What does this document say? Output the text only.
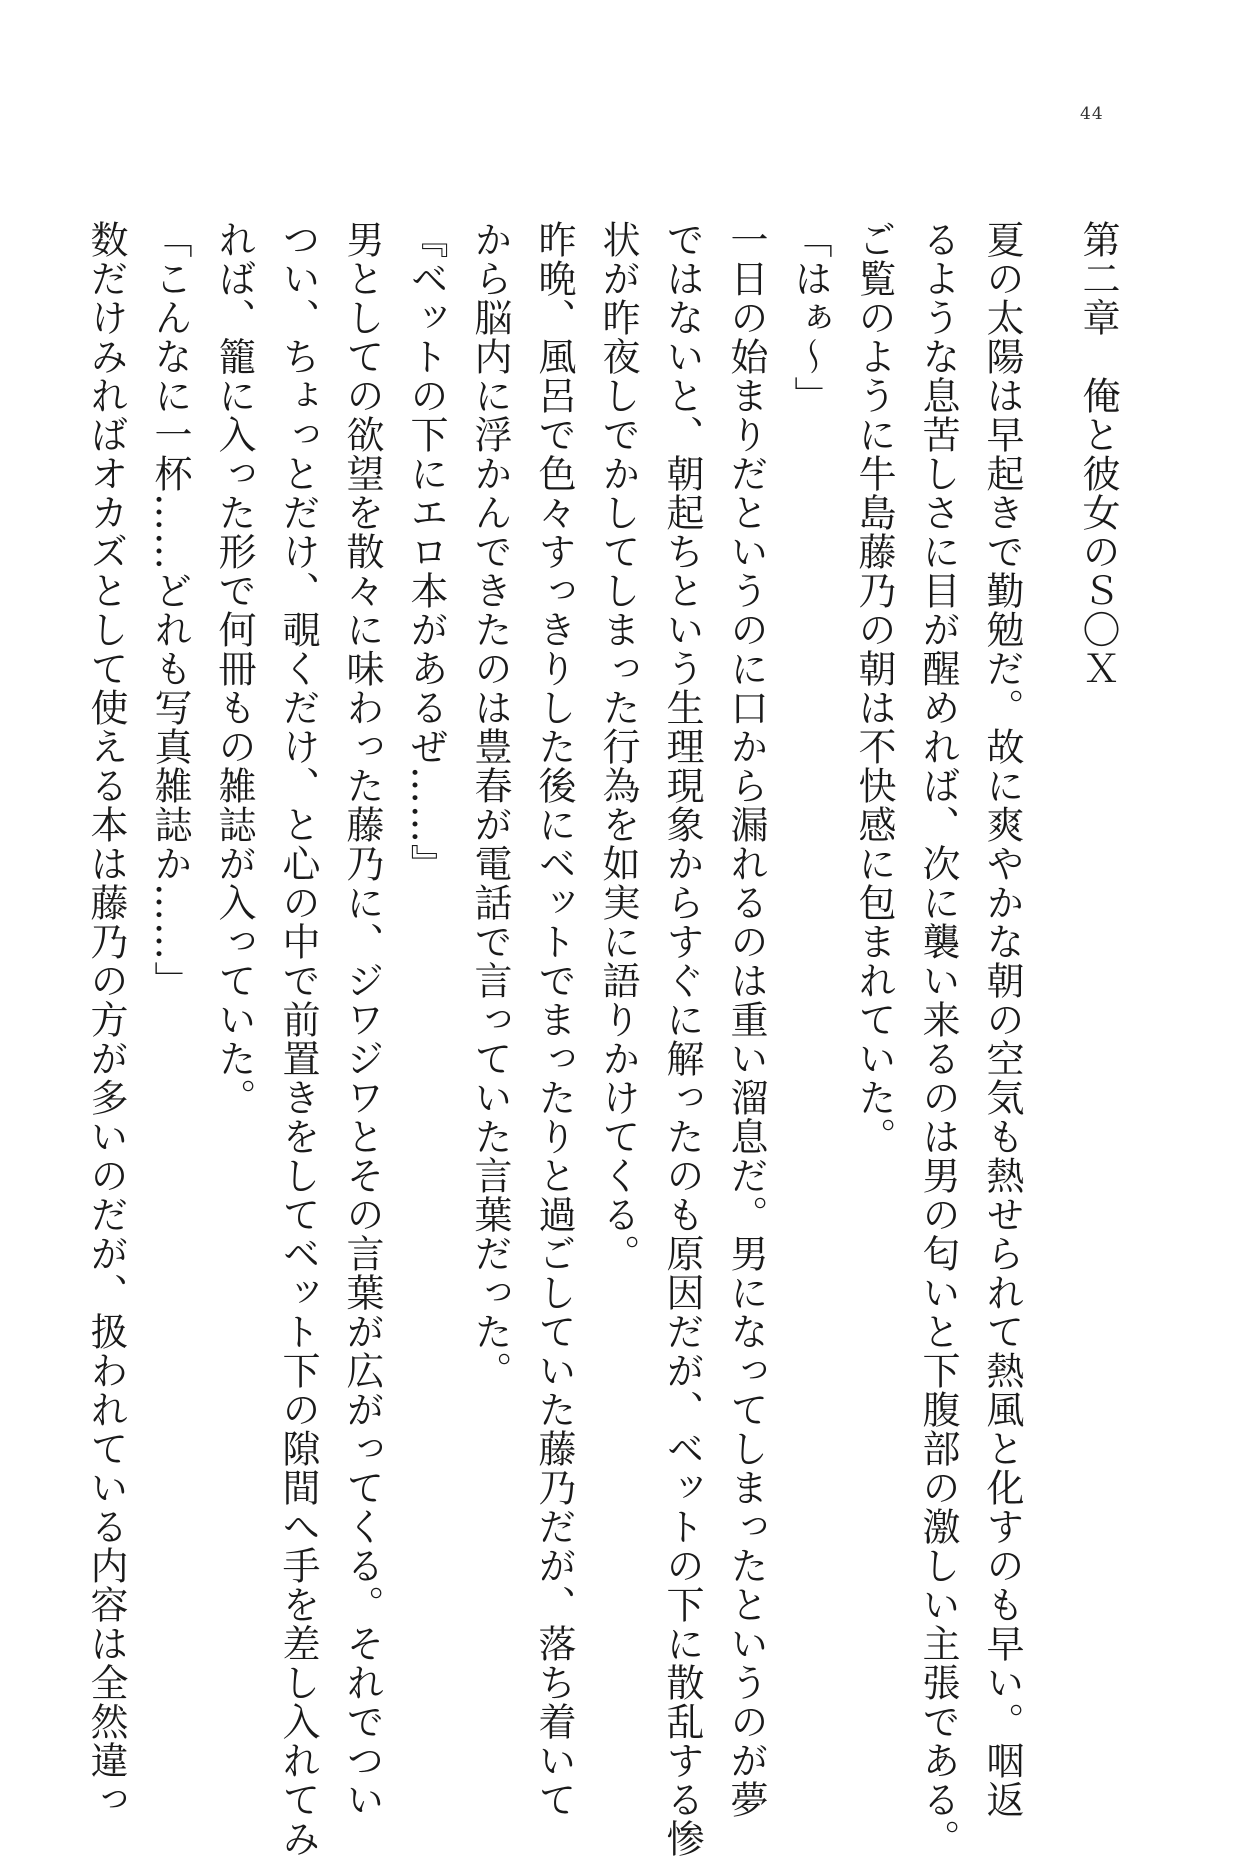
44
第二章　俺と彼女のＳ〇Ｘ
夏の太陽は早起きで勤勉だ。故に爽やかな朝の空気も熱せられて熱風と化すのも早い。咽返
るような息苦しさに目が醒めれば、次に襲い来るのは男の匂いと下腹部の激しい主張である。
ご覧のように牛島藤乃の朝は不快感に包まれていた。
「はぁ～」
一日の始まりだというのに口から漏れるのは重い溜息だ。男になってしまったというのが夢
ではないと、朝起ちという生理現象からすぐに解ったのも原因だが、ベットの下に散乱する惨
状が昨夜しでかしてしまった行為を如実に語りかけてくる。
昨晩、風呂で色々すっきりした後にベットでまったりと過ごしていた藤乃だが、落ち着いて
から脳内に浮かんできたのは豊春が電話で言っていた言葉だった。
『ベットの下にエロ本があるぜ……』
男としての欲望を散々に味わった藤乃に、ジワジワとその言葉が広がってくる。それでつい
つい、ちょっとだけ、覗くだけ、と心の中で前置きをしてベット下の隙間へ手を差し入れてみ
れば、籠に入った形で何冊もの雑誌が入っていた。
「こんなに一杯……どれも写真雑誌か……」
数だけみればオカズとして使える本は藤乃の方が多いのだが、扱われている内容は全然違っ
